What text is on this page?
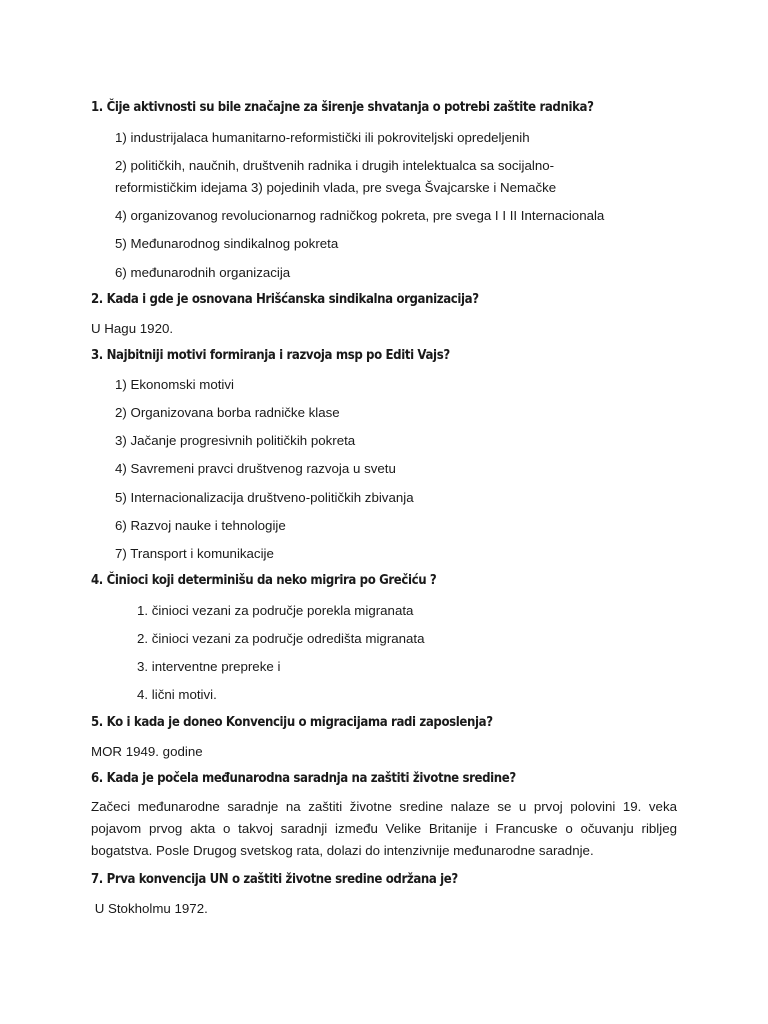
1. Čije aktivnosti su bile značajne za širenje shvatanja o potrebi zaštite radnika?
1) industrijalaca humanitarno-reformistički ili pokroviteljski opredeljenih
2) političkih, naučnih, društvenih radnika i drugih intelektualca sa socijalno-
reformističkim idejama 3) pojedinih vlada, pre svega Švajcarske i Nemačke
4) organizovanog revolucionarnog radničkog pokreta, pre svega I I II Internacionala
5) Međunarodnog sindikalnog pokreta
6) međunarodnih organizacija
2. Kada i gde je osnovana Hrišćanska sindikalna organizacija?
U Hagu 1920.
3. Najbitniji motivi formiranja i razvoja msp po Editi Vajs?
1) Ekonomski motivi
2) Organizovana borba radničke klase
3) Jačanje progresivnih političkih pokreta
4) Savremeni pravci društvenog razvoja u svetu
5) Internacionalizacija društveno-političkih zbivanja
6) Razvoj nauke i tehnologije
7) Transport i komunikacije
4. Činioci koji determinišu da neko migrira po Grečiću ?
1. činioci vezani za područje porekla migranata
2. činioci vezani za područje odredišta migranata
3. interventne prepreke i
4. lični motivi.
5. Ko i kada je doneo Konvenciju o migracijama radi zaposlenja?
MOR 1949. godine
6. Kada je počela međunarodna saradnja na zaštiti životne sredine?
Začeci međunarodne saradnje na zaštiti životne sredine nalaze se u prvoj polovini 19. veka
pojavom prvog akta o takvoj saradnji između Velike Britanije i Francuske o očuvanju ribljeg
bogatstva. Posle Drugog svetskog rata, dolazi do intenzivnije međunarodne saradnje.
7. Prva konvencija UN o zaštiti životne sredine održana je?
U Stokholmu 1972.
